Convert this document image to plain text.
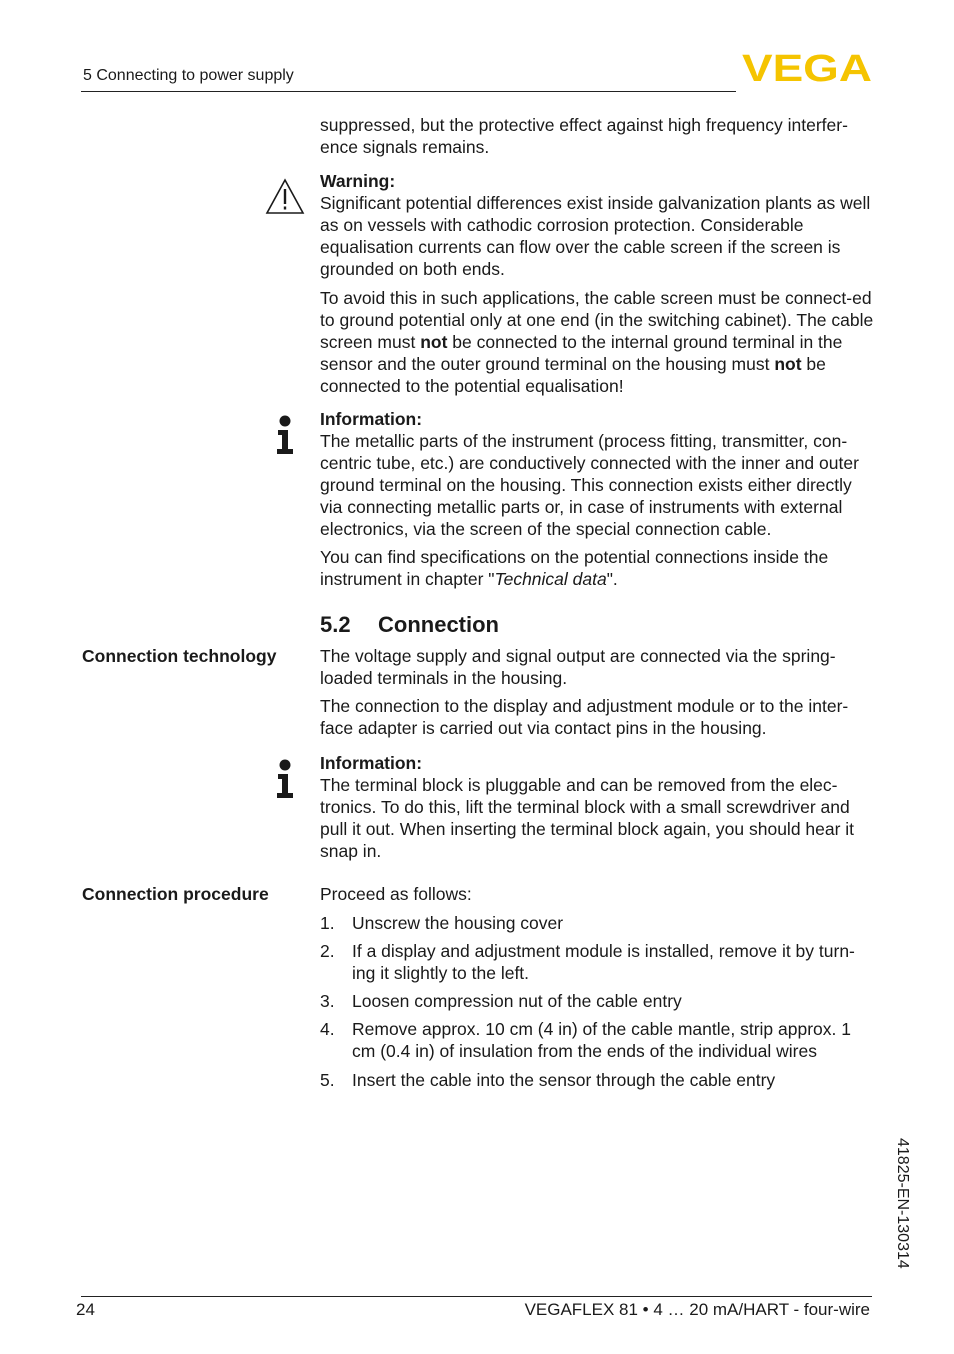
5 Connecting to power supply	VEGA

suppressed, but the protective effect against high frequency interfer-ence signals remains.

Warning:

Significant potential differences exist inside galvanization plants as well as on vessels with cathodic corrosion protection. Considerable equalisation currents can flow over the cable screen if the screen is grounded on both ends.

To avoid this in such applications, the cable screen must be connect-ed to ground potential only at one end (in the switching cabinet). The cable screen must not be connected to the internal ground terminal in the sensor and the outer ground terminal on the housing must not be connected to the potential equalisation!

Information:

The metallic parts of the instrument (process fitting, transmitter, con-centric tube, etc.) are conductively connected with the inner and outer ground terminal on the housing. This connection exists either directly via connecting metallic parts or, in case of instruments with external electronics, via the screen of the special connection cable.

You can find specifications on the potential connections inside the instrument in chapter "Technical data".

5.2 Connection
Connection technology The voltage supply and signal output are connected via the spring-loaded terminals in the housing.

The connection to the display and adjustment module or to the inter-face adapter is carried out via contact pins in the housing.

Information:

The terminal block is pluggable and can be removed from the elec-tronics. To do this, lift the terminal block with a small screwdriver and pull it out. When inserting the terminal block again, you should hear it snap in.

Connection procedure	Proceed as follows:
1. Unscrew the housing cover
2. If a display and adjustment module is installed, remove it by turn-ing it slightly to the left.
3. Loosen compression nut of the cable entry
4. Remove approx. 10 cm (4 in) of the cable mantle, strip approx. 1 cm (0.4 in) of insulation from the ends of the individual wires
5. Insert the cable into the sensor through the cable entry
41825-EN-130314
24	VEGAFLEX 81 • 4 … 20 mA/HART - four-wire
